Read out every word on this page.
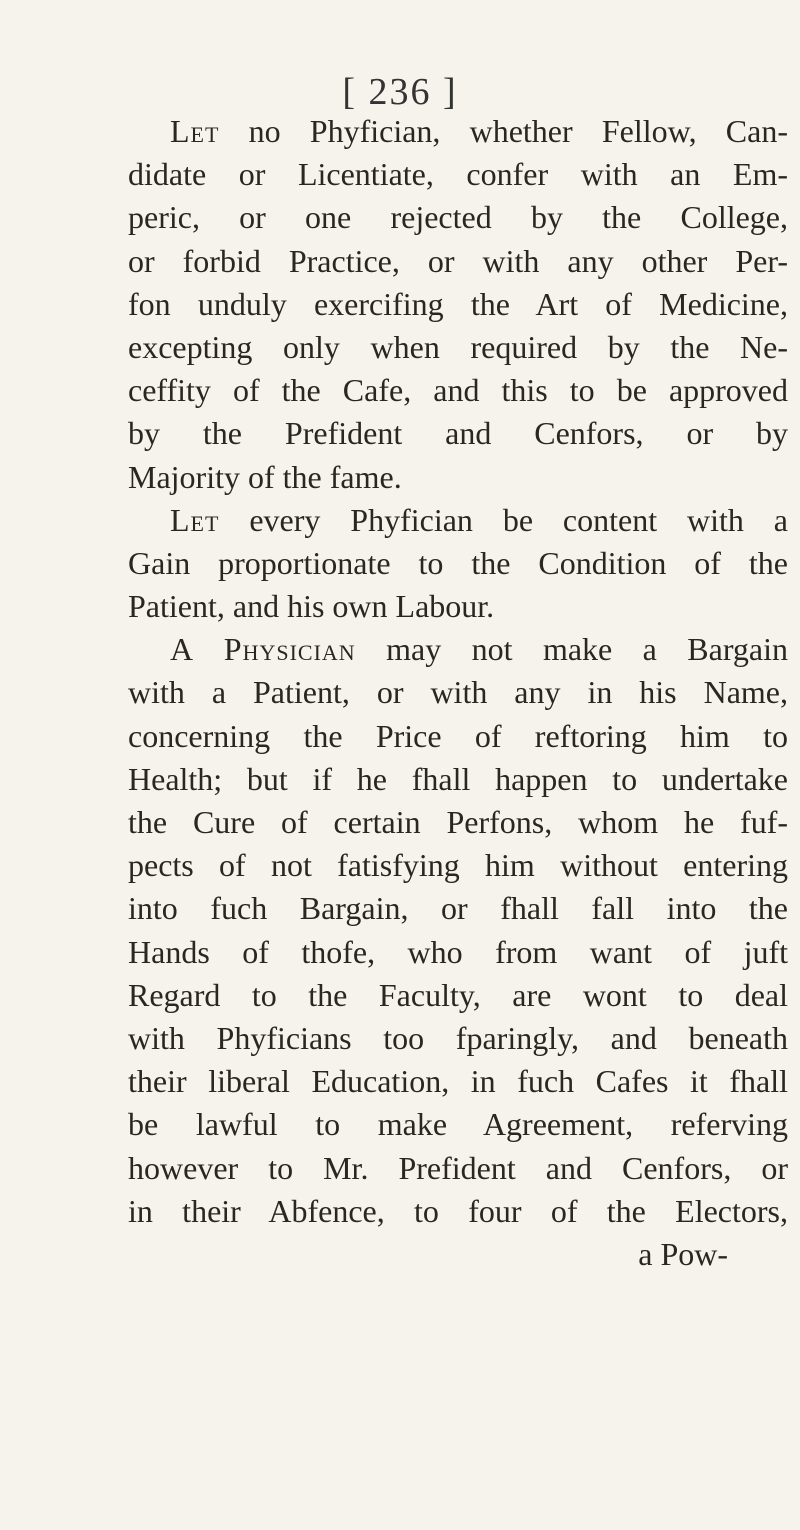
[ 236 ]
Let no Phyfician, whether Fellow, Can-
didate or Licentiate, confer with an Em-
peric, or one rejected by the College,
or forbid Practice, or with any other Per-
fon unduly exercifing the Art of Medicine,
excepting only when required by the Ne-
ceffity of the Cafe, and this to be approved
by the Prefident and Cenfors, or by
Majority of the fame.
Let every Phyfician be content with a
Gain proportionate to the Condition of the
Patient, and his own Labour.
A Physician may not make a Bargain
with a Patient, or with any in his Name,
concerning the Price of reftoring him to
Health; but if he fhall happen to undertake
the Cure of certain Perfons, whom he fuf-
pects of not fatisfying him without entering
into fuch Bargain, or fhall fall into the
Hands of thofe, who from want of juft
Regard to the Faculty, are wont to deal
with Phyficians too fparingly, and beneath
their liberal Education, in fuch Cafes it fhall
be lawful to make Agreement, referving
however to Mr. Prefident and Cenfors, or
in their Abfence, to four of the Electors,
a Pow-
